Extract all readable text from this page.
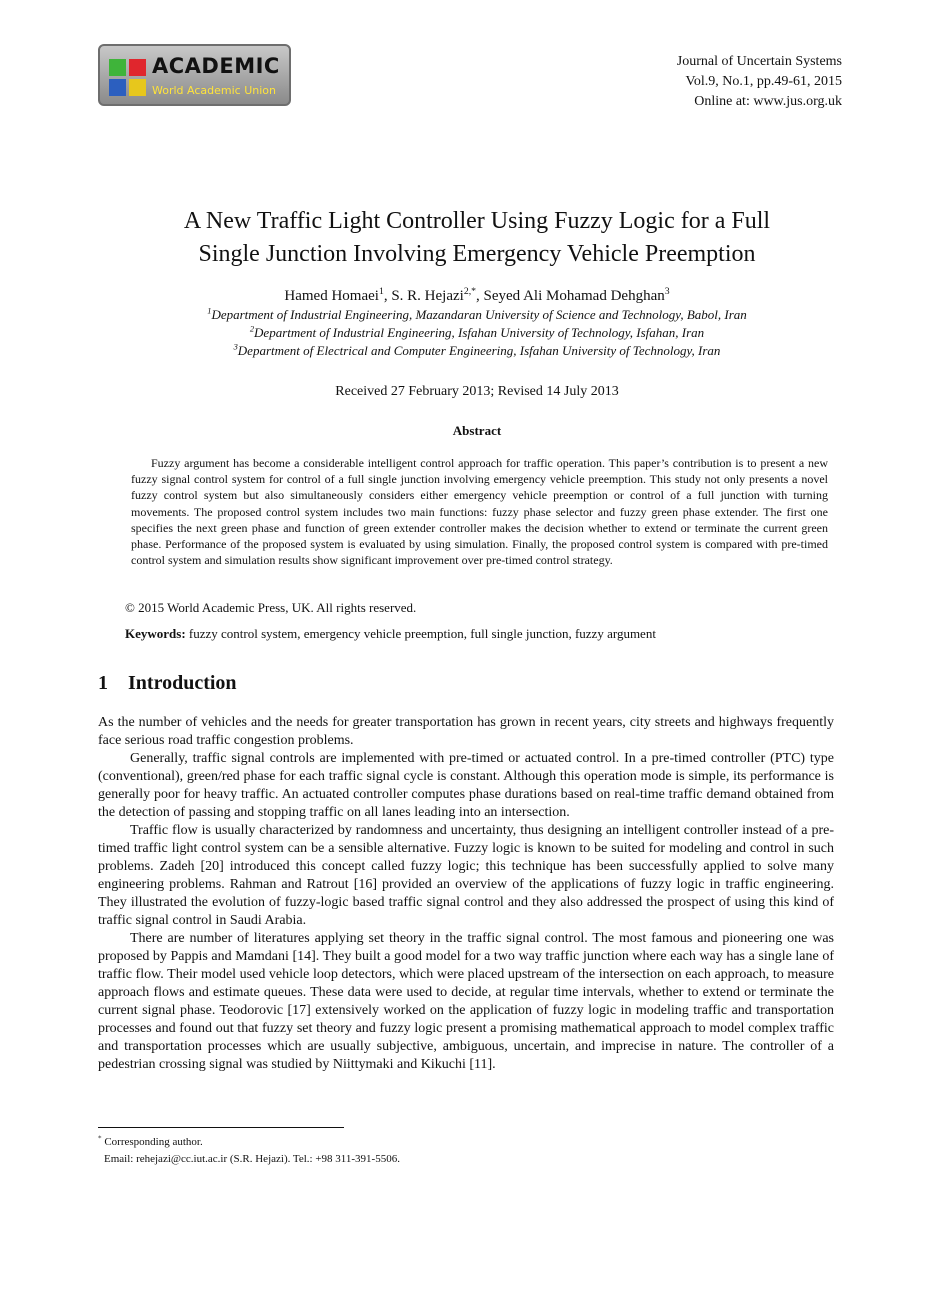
ACADEMIC
World Academic Union
Journal of Uncertain Systems
Vol.9, No.1, pp.49-61, 2015
Online at: www.jus.org.uk
A New Traffic Light Controller Using Fuzzy Logic for a Full
Single Junction Involving Emergency Vehicle Preemption
Hamed Homaei$^1$, S. R. Hejazi$^{2,*}$, Seyed Ali Mohamad Dehghan$^3$
$^1$Department of Industrial Engineering, Mazandaran University of Science and Technology, Babol, Iran
$^2$Department of Industrial Engineering, Isfahan University of Technology, Isfahan, Iran
$^3$Department of Electrical and Computer Engineering, Isfahan University of Technology, Iran
Received 27 February 2013; Revised 14 July 2013
Abstract
Fuzzy argument has become a considerable intelligent control approach for traffic operation. This paper’s contribution is to present a new fuzzy signal control system for control of a full single junction involving emergency vehicle preemption. This study not only presents a novel fuzzy control system but also simultaneously considers either emergency vehicle preemption or control of a full junction with turning movements. The proposed control system includes two main functions: fuzzy phase selector and fuzzy green phase extender. The first one specifies the next green phase and function of green extender controller makes the decision whether to extend or terminate the current green phase. Performance of the proposed system is evaluated by using simulation. Finally, the proposed control system is compared with pre-timed control system and simulation results show significant improvement over pre-timed control strategy.
© 2015 World Academic Press, UK. All rights reserved.
Keywords: fuzzy control system, emergency vehicle preemption, full single junction, fuzzy argument
1 Introduction

As the number of vehicles and the needs for greater transportation has grown in recent years, city streets and highways frequently face serious road traffic congestion problems.

Generally, traffic signal controls are implemented with pre-timed or actuated control. In a pre-timed controller (PTC) type (conventional), green/red phase for each traffic signal cycle is constant. Although this operation mode is simple, its performance is generally poor for heavy traffic. An actuated controller computes phase durations based on real-time traffic demand obtained from the detection of passing and stopping traffic on all lanes leading into an intersection.

Traffic flow is usually characterized by randomness and uncertainty, thus designing an intelligent controller instead of a pre-timed traffic light control system can be a sensible alternative. Fuzzy logic is known to be suited for modeling and control in such problems. Zadeh [20] introduced this concept called fuzzy logic; this technique has been successfully applied to solve many engineering problems. Rahman and Ratrout [16] provided an overview of the applications of fuzzy logic in traffic engineering. They illustrated the evolution of fuzzy-logic based traffic signal control and they also addressed the prospect of using this kind of traffic signal control in Saudi Arabia.

There are number of literatures applying set theory in the traffic signal control. The most famous and pioneering one was proposed by Pappis and Mamdani [14]. They built a good model for a two way traffic junction where each way has a single lane of traffic flow. Their model used vehicle loop detectors, which were placed upstream of the intersection on each approach, to measure approach flows and estimate queues. These data were used to decide, at regular time intervals, whether to extend or terminate the current signal phase. Teodorovic [17] extensively worked on the application of fuzzy logic in modeling traffic and transportation processes and found out that fuzzy set theory and fuzzy logic present a promising mathematical approach to model complex traffic and transportation processes which are usually subjective, ambiguous, uncertain, and imprecise in nature. The controller of a pedestrian crossing signal was studied by Niittymaki and Kikuchi [11].

* Corresponding author.
Email: rehejazi@cc.iut.ac.ir (S.R. Hejazi). Tel.: +98 311-391-5506.
